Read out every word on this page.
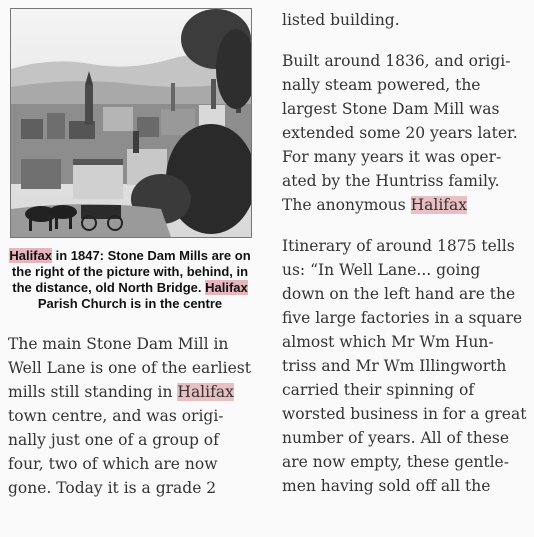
Halifax in 1847: Stone Dam Mills are on the right of the picture with, behind, in the distance, old North Bridge. Halifax Parish Church is in the centre

The main Stone Dam Mill in
Well Lane is one of the earliest
mills still standing in Halifax
town centre, and was origi-
nally just one of a group of
four, two of which are now
gone. Today it is a grade 2

listed building.

Built around 1836, and origi-
nally steam powered, the
largest Stone Dam Mill was
extended some 20 years later.
For many years it was oper-
ated by the Huntriss family.
The anonymous Halifax

Itinerary of around 1875 tells
us: “In Well Lane... going
down on the left hand are the
five large factories in a square
almost which Mr Wm Hun-
triss and Mr Wm Illingworth
carried their spinning of
worsted business in for a great
number of years. All of these
are now empty, these gentle-
men having sold off all the
